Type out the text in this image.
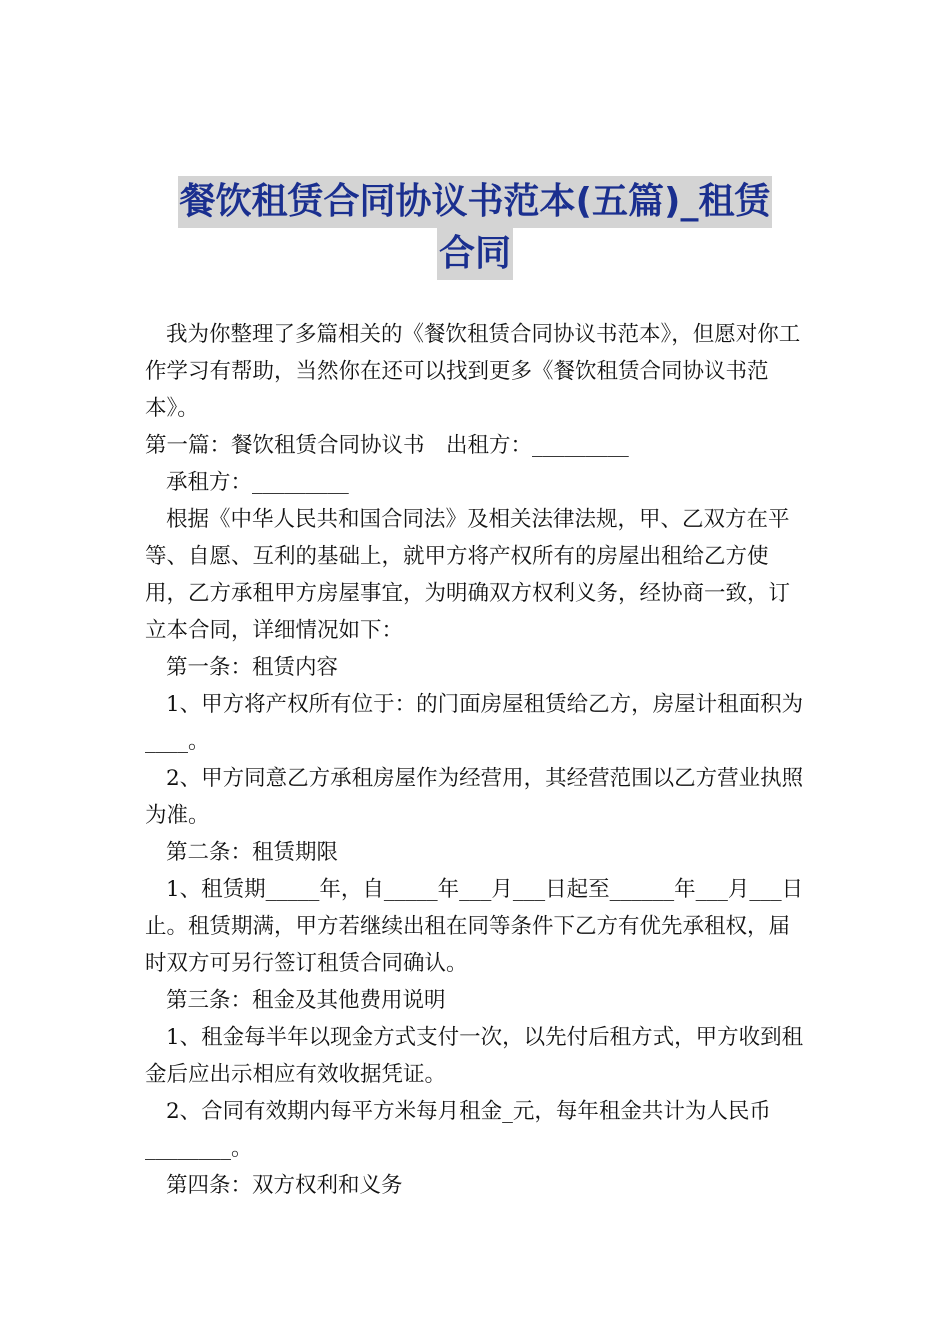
餐饮租赁合同协议书范本(五篇)_租赁
合同

我为你整理了多篇相关的《餐饮租赁合同协议书范本》，但愿对你工作学习有帮助，当然你在还可以找到更多《餐饮租赁合同协议书范本》。

第一篇：餐饮租赁合同协议书　出租方：_________

承租方：_________

根据《中华人民共和国合同法》及相关法律法规，甲、乙双方在平等、自愿、互利的基础上，就甲方将产权所有的房屋出租给乙方使用，乙方承租甲方房屋事宜，为明确双方权利义务，经协商一致，订立本合同，详细情况如下：

第一条：租赁内容

1、甲方将产权所有位于：的门面房屋租赁给乙方，房屋计租面积为____。

2、甲方同意乙方承租房屋作为经营用，其经营范围以乙方营业执照为准。

第二条：租赁期限

1、租赁期_____年，自_____年___月___日起至______年___月___日止。租赁期满，甲方若继续出租在同等条件下乙方有优先承租权，届时双方可另行签订租赁合同确认。

第三条：租金及其他费用说明

1、租金每半年以现金方式支付一次，以先付后租方式，甲方收到租金后应出示相应有效收据凭证。

2、合同有效期内每平方米每月租金_元，每年租金共计为人民币________。

第四条：双方权利和义务
